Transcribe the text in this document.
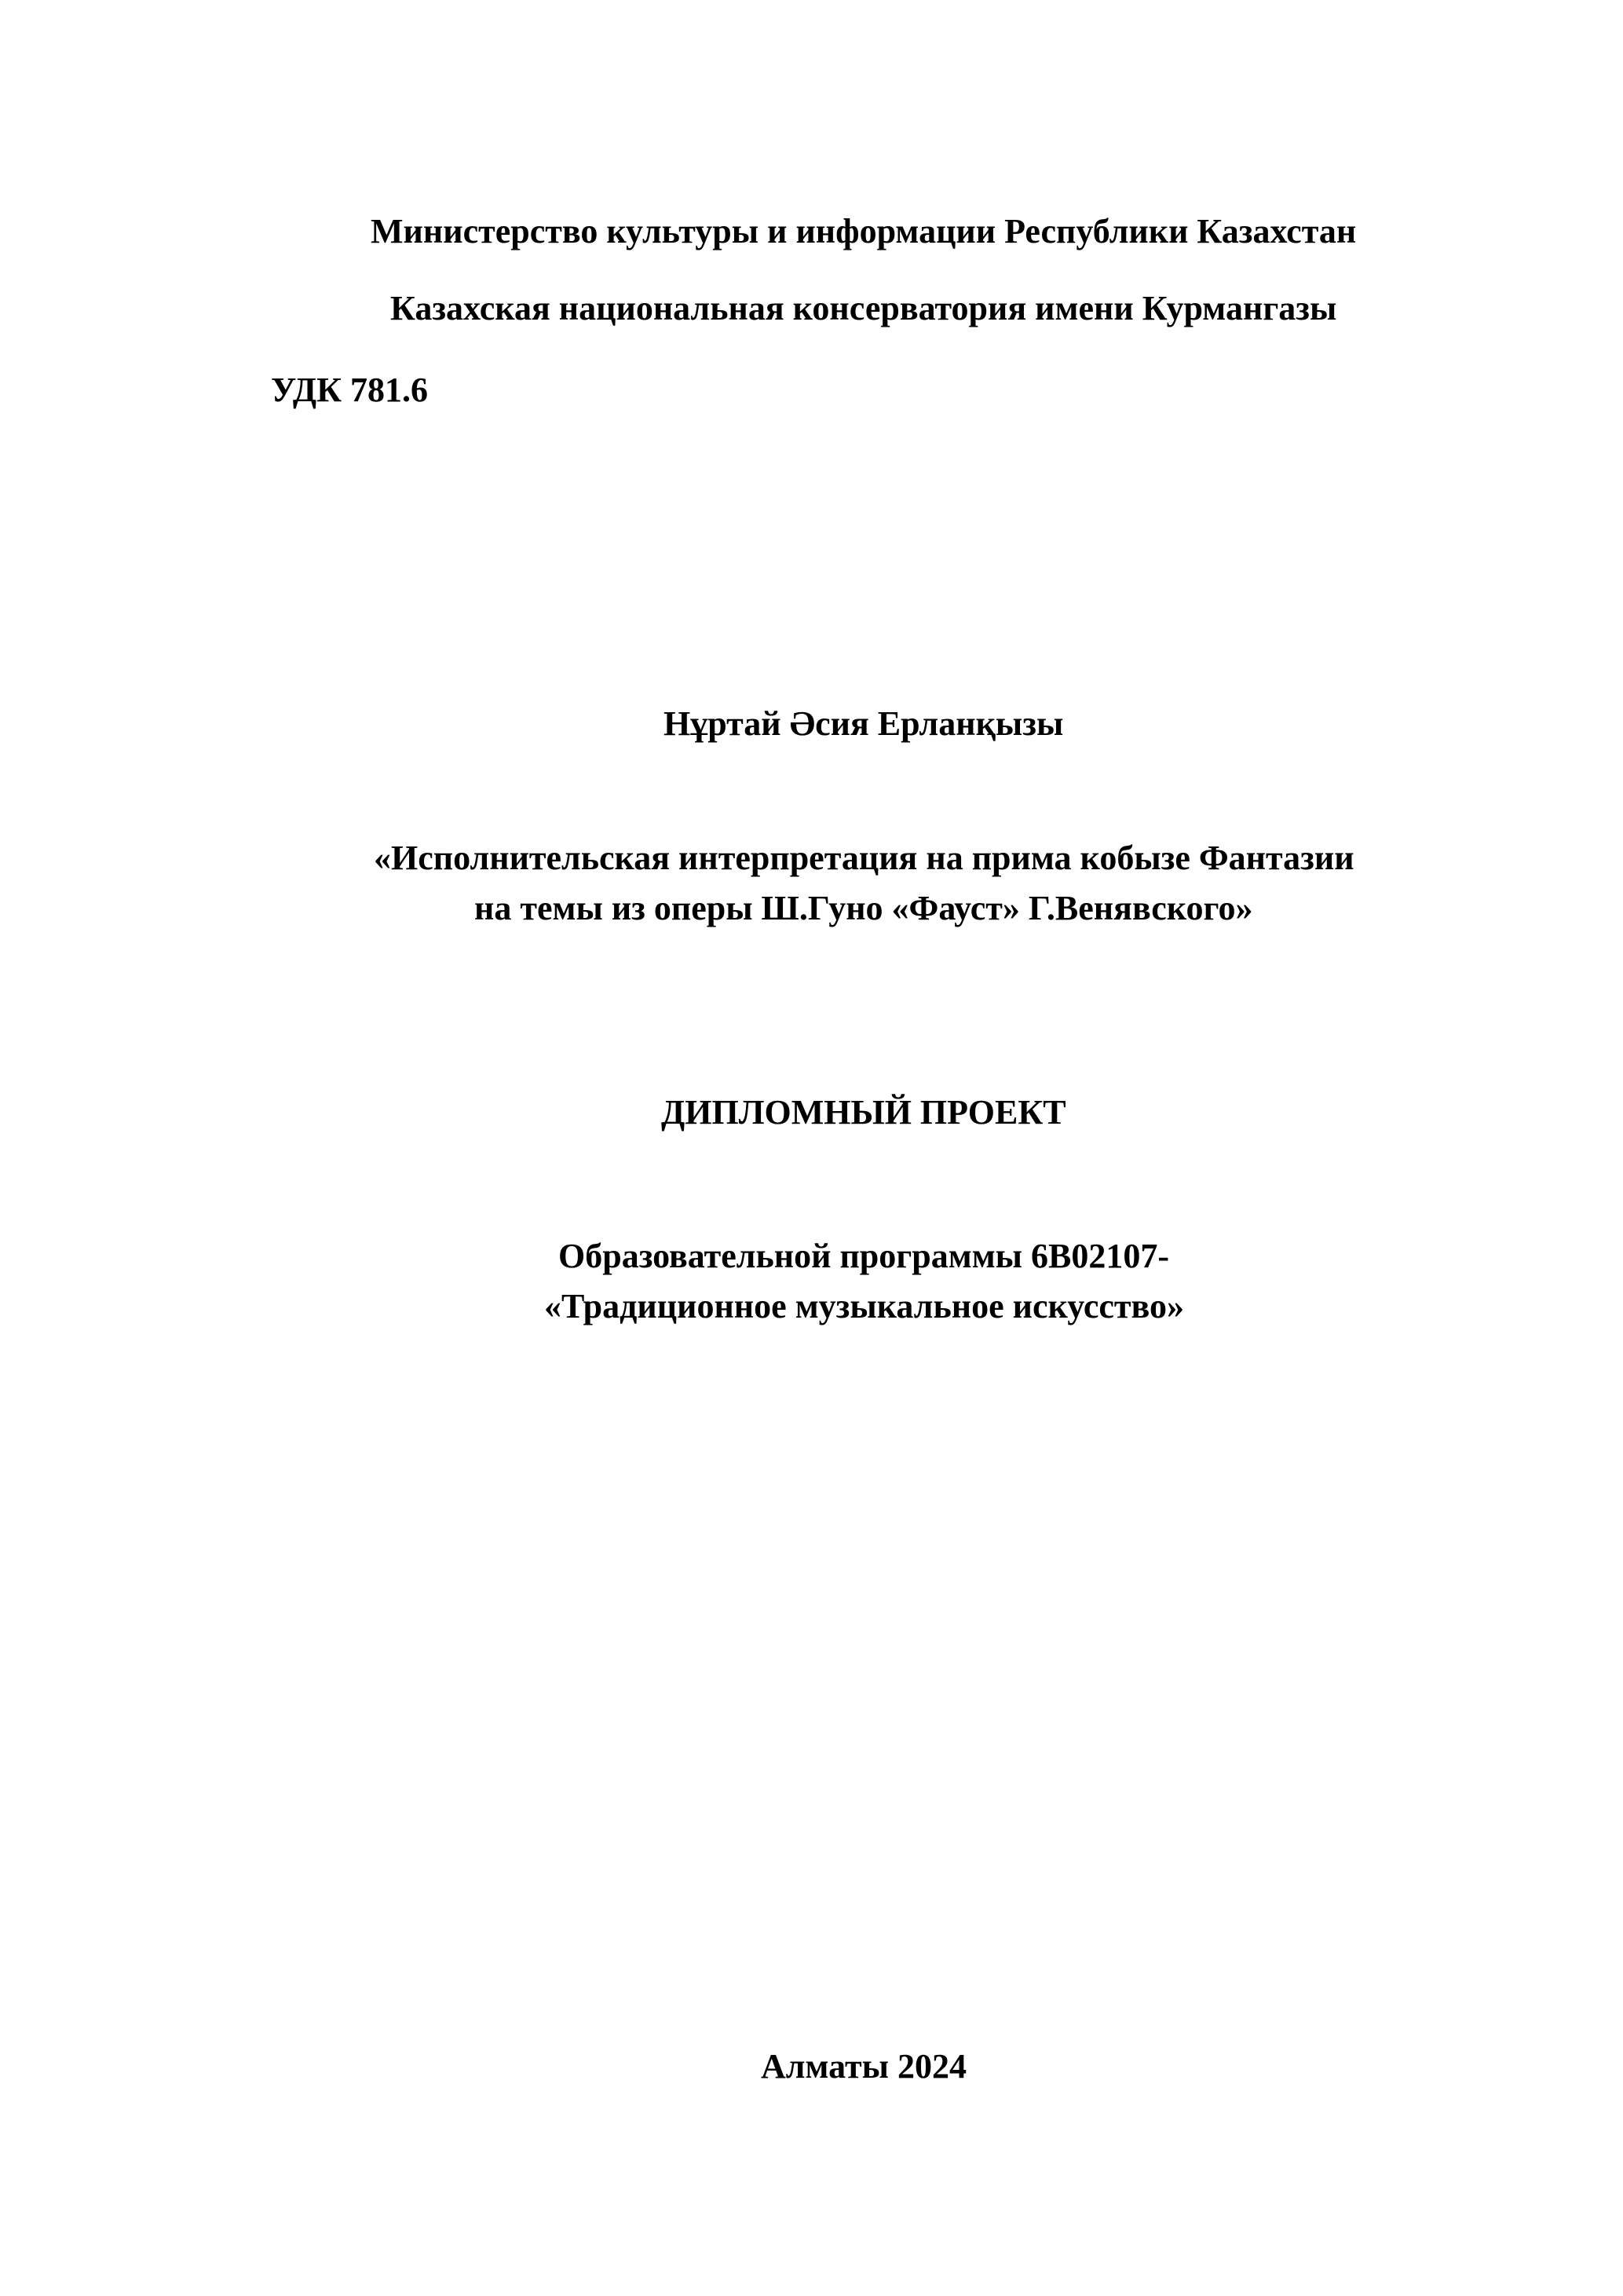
Министерство культуры и информации Республики Казахстан

Казахская национальная консерватория имени Курмангазы

УДК 781.6

Нұртай Әсия Ерланқызы

«Исполнительская интерпретация на прима кобызе Фантазии

на темы из оперы Ш.Гуно «Фауст» Г.Венявского»

ДИПЛОМНЫЙ ПРОЕКТ

Образовательной программы 6В02107-

«Традиционное музыкальное искусство»

Алматы 2024
